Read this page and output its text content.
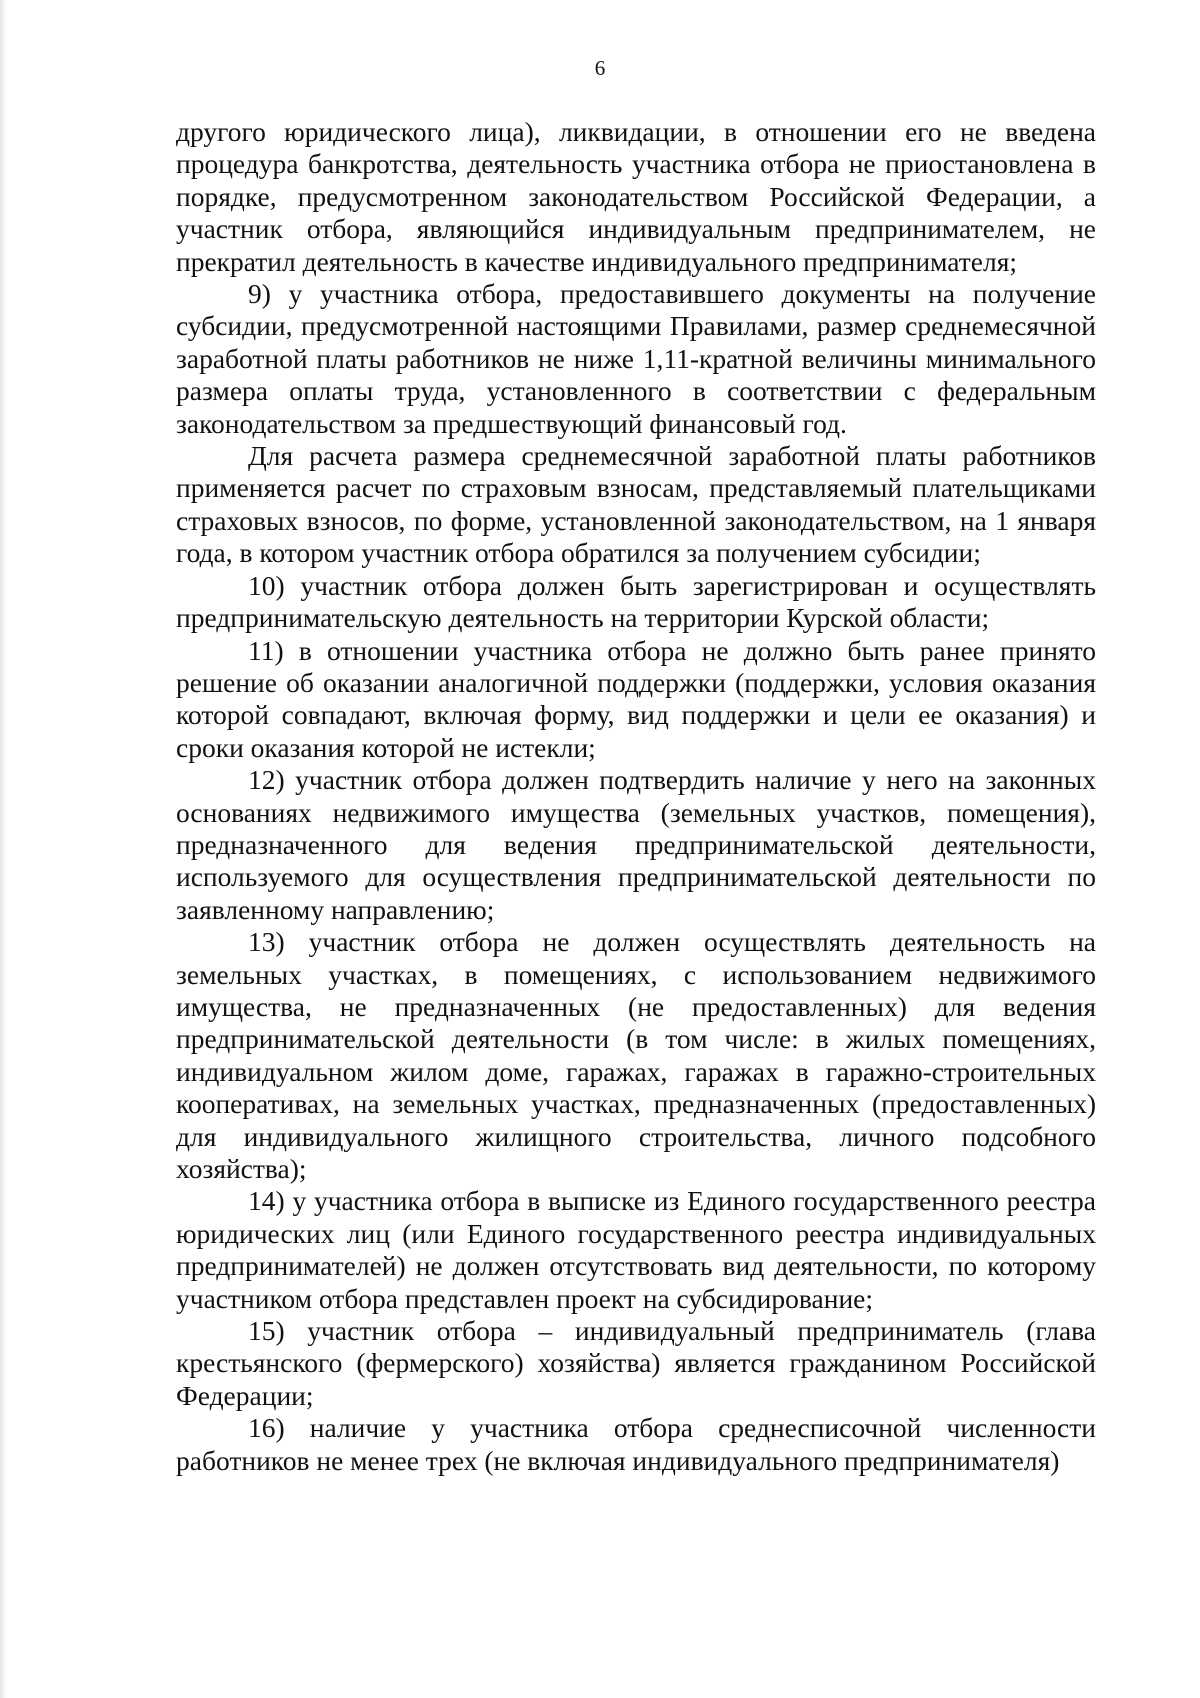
6

другого юридического лица), ликвидации, в отношении его не введена процедура банкротства, деятельность участника отбора не приостановлена в порядке, предусмотренном законодательством Российской Федерации, а участник отбора, являющийся индивидуальным предпринимателем, не прекратил деятельность в качестве индивидуального предпринимателя;

9) у участника отбора, предоставившего документы на получение субсидии, предусмотренной настоящими Правилами, размер среднемесячной заработной платы работников не ниже 1,11-кратной величины минимального размера оплаты труда, установленного в соответствии с федеральным законодательством за предшествующий финансовый год.

Для расчета размера среднемесячной заработной платы работников применяется расчет по страховым взносам, представляемый плательщиками страховых взносов, по форме, установленной законодательством, на 1 января года, в котором участник отбора обратился за получением субсидии;

10) участник отбора должен быть зарегистрирован и осуществлять предпринимательскую деятельность на территории Курской области;

11) в отношении участника отбора не должно быть ранее принято решение об оказании аналогичной поддержки (поддержки, условия оказания которой совпадают, включая форму, вид поддержки и цели ее оказания) и сроки оказания которой не истекли;

12) участник отбора должен подтвердить наличие у него на законных основаниях недвижимого имущества (земельных участков, помещения), предназначенного для ведения предпринимательской деятельности, используемого для осуществления предпринимательской деятельности по заявленному направлению;

13) участник отбора не должен осуществлять деятельность на земельных участках, в помещениях, с использованием недвижимого имущества, не предназначенных (не предоставленных) для ведения предпринимательской деятельности (в том числе: в жилых помещениях, индивидуальном жилом доме, гаражах, гаражах в гаражно-строительных кооперативах, на земельных участках, предназначенных (предоставленных) для индивидуального жилищного строительства, личного подсобного хозяйства);

14) у участника отбора в выписке из Единого государственного реестра юридических лиц (или Единого государственного реестра индивидуальных предпринимателей) не должен отсутствовать вид деятельности, по которому участником отбора представлен проект на субсидирование;

15) участник отбора – индивидуальный предприниматель (глава крестьянского (фермерского) хозяйства) является гражданином Российской Федерации;

16) наличие у участника отбора среднесписочной численности работников не менее трех (не включая индивидуального предпринимателя)
